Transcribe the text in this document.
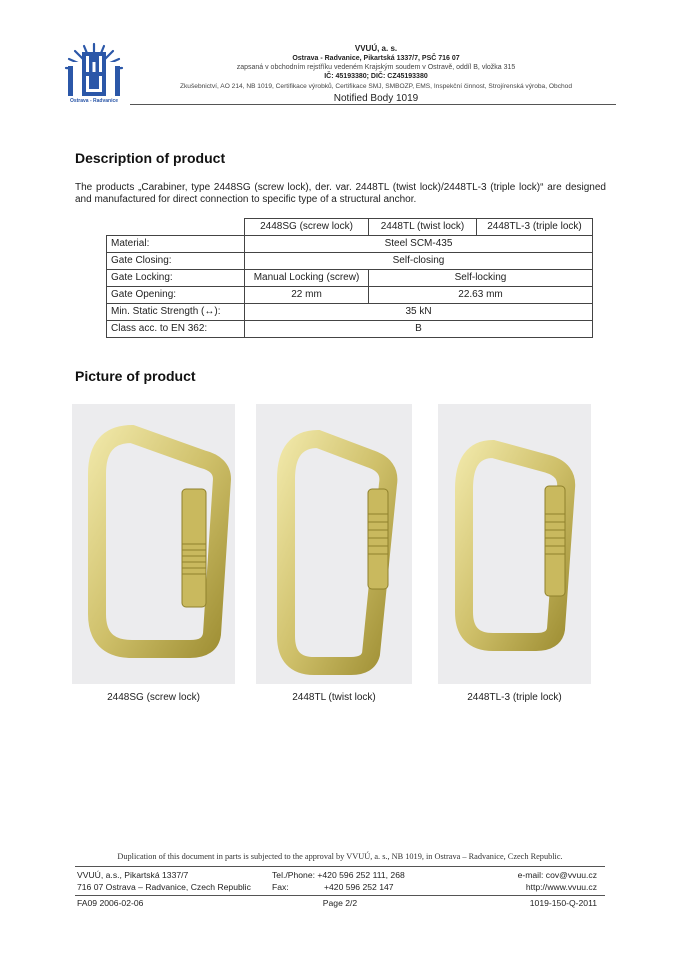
Ostrava - Radvanice
VVUÚ, a. s.
Ostrava - Radvanice, Pikartská 1337/7, PSČ 716 07
zapsaná v obchodním rejstříku vedeném Krajským soudem v Ostravě, oddíl B, vložka 315
IČ: 45193380; DIČ: CZ45193380
Zkušebnictví, AO 214, NB 1019, Certifikace výrobků, Certifikace SMJ, SMBOZP, EMS, Inspekční činnost, Strojírenská výroba, Obchod
Notified Body 1019
Description of product
The products „Carabiner, type 2448SG (screw lock), der. var. 2448TL (twist lock)/2448TL-3 (triple lock)“ are designed and manufactured for direct connection to specific type of a structural anchor.
	2448SG (screw lock)	2448TL (twist lock)	2448TL-3 (triple lock)
Material:	Steel SCM-435		
Gate Closing:	Self-closing		
Gate Locking:	Manual Locking (screw)	Self-locking	
Gate Opening:	22 mm	22.63 mm	
Min. Static Strength (↔):	35 kN		
Class acc. to EN 362:	B		
Picture of product
2448SG (screw lock)	2448TL (twist lock)	2448TL-3 (triple lock)
Duplication of this document in parts is subjected to the approval by VVUÚ, a. s., NB 1019, in Ostrava – Radvanice, Czech Republic.
VVUÚ, a.s., Pikartská 1337/7
716 07 Ostrava – Radvanice, Czech Republic
Tel./Phone: +420 596 252 111, 268
Fax:	+420 596 252 147
e-mail: cov@vvuu.cz
http://www.vvuu.cz
FA09 2006-02-06	Page 2/2	1019-150-Q-2011
